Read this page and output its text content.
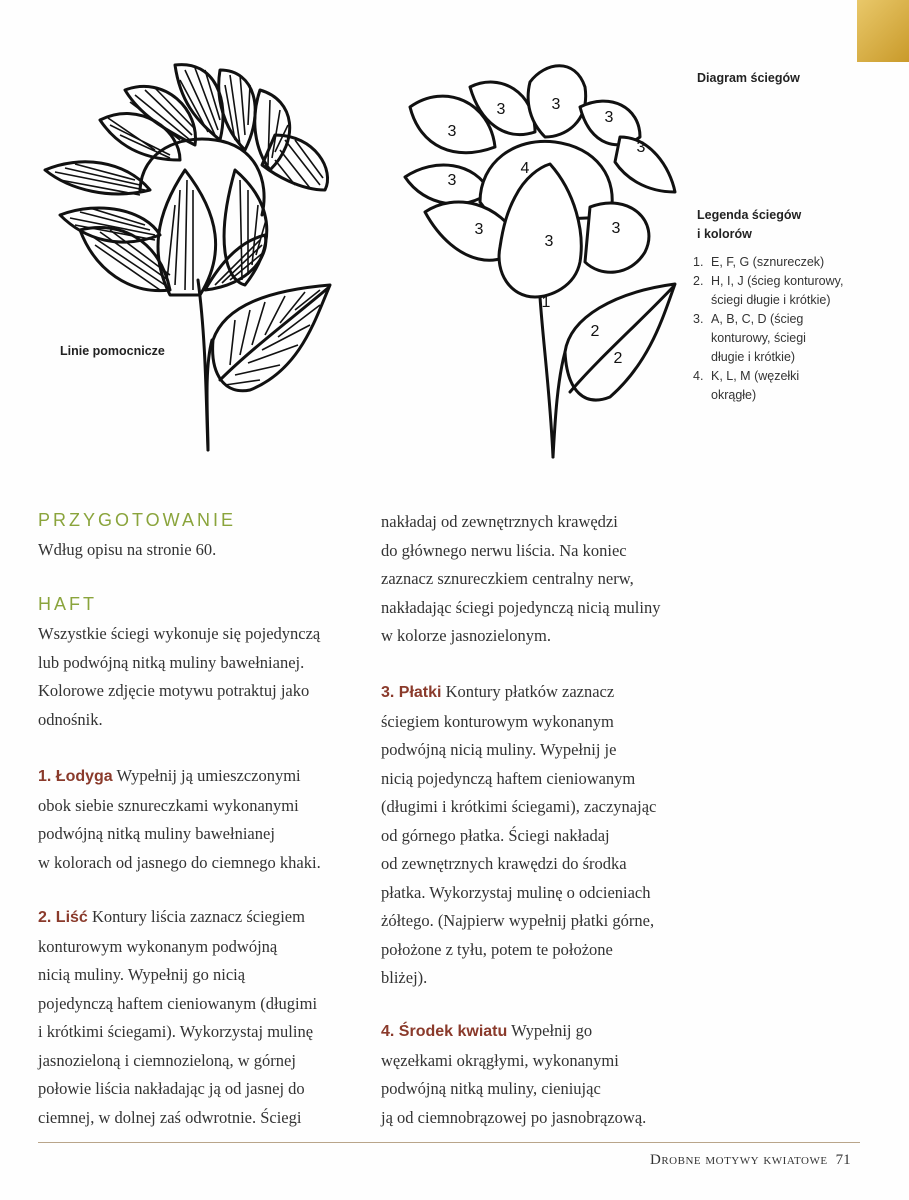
Linie pomocnicze
3
3	3
3
3
3
4
3
3
3
1
2
2
Diagram ściegów
Legenda ściegów
i kolorów
1. E, F, G (sznureczek)
2. H, I, J (ścieg konturowy,
ściegi długie i krótkie)
3. A, B, C, D (ścieg
konturowy, ściegi
długie i krótkie)
4. K, L, M (węzełki
okrągłe)
PRZYGOTOWANIE
Wdług opisu na stronie 60.
HAFT
Wszystkie ściegi wykonuje się pojedynczą
lub podwójną nitką muliny bawełnianej.
Kolorowe zdjęcie motywu potraktuj jako
odnośnik.
1. Łodyga Wypełnij ją umieszczonymi
obok siebie sznureczkami wykonanymi
podwójną nitką muliny bawełnianej
w kolorach od jasnego do ciemnego khaki.
2. Liść Kontury liścia zaznacz ściegiem
konturowym wykonanym podwójną
nicią muliny. Wypełnij go nicią
pojedynczą haftem cieniowanym (długimi
i krótkimi ściegami). Wykorzystaj mulinę
jasnozieloną i ciemnozieloną, w górnej
połowie liścia nakładając ją od jasnej do
ciemnej, w dolnej zaś odwrotnie. Ściegi
nakładaj od zewnętrznych krawędzi
do głównego nerwu liścia. Na koniec
zaznacz sznureczkiem centralny nerw,
nakładając ściegi pojedynczą nicią muliny
w kolorze jasnozielonym.
3. Płatki Kontury płatków zaznacz
ściegiem konturowym wykonanym
podwójną nicią muliny. Wypełnij je
nicią pojedynczą haftem cieniowanym
(długimi i krótkimi ściegami), zaczynając
od górnego płatka. Ściegi nakładaj
od zewnętrznych krawędzi do środka
płatka. Wykorzystaj mulinę o odcieniach
żółtego. (Najpierw wypełnij płatki górne,
położone z tyłu, potem te położone
bliżej).
4. Środek kwiatu Wypełnij go
węzełkami okrągłymi, wykonanymi
podwójną nitką muliny, cieniując
ją od ciemnobrązowej po jasnobrązową.
Drobne motywy kwiatowe 71
